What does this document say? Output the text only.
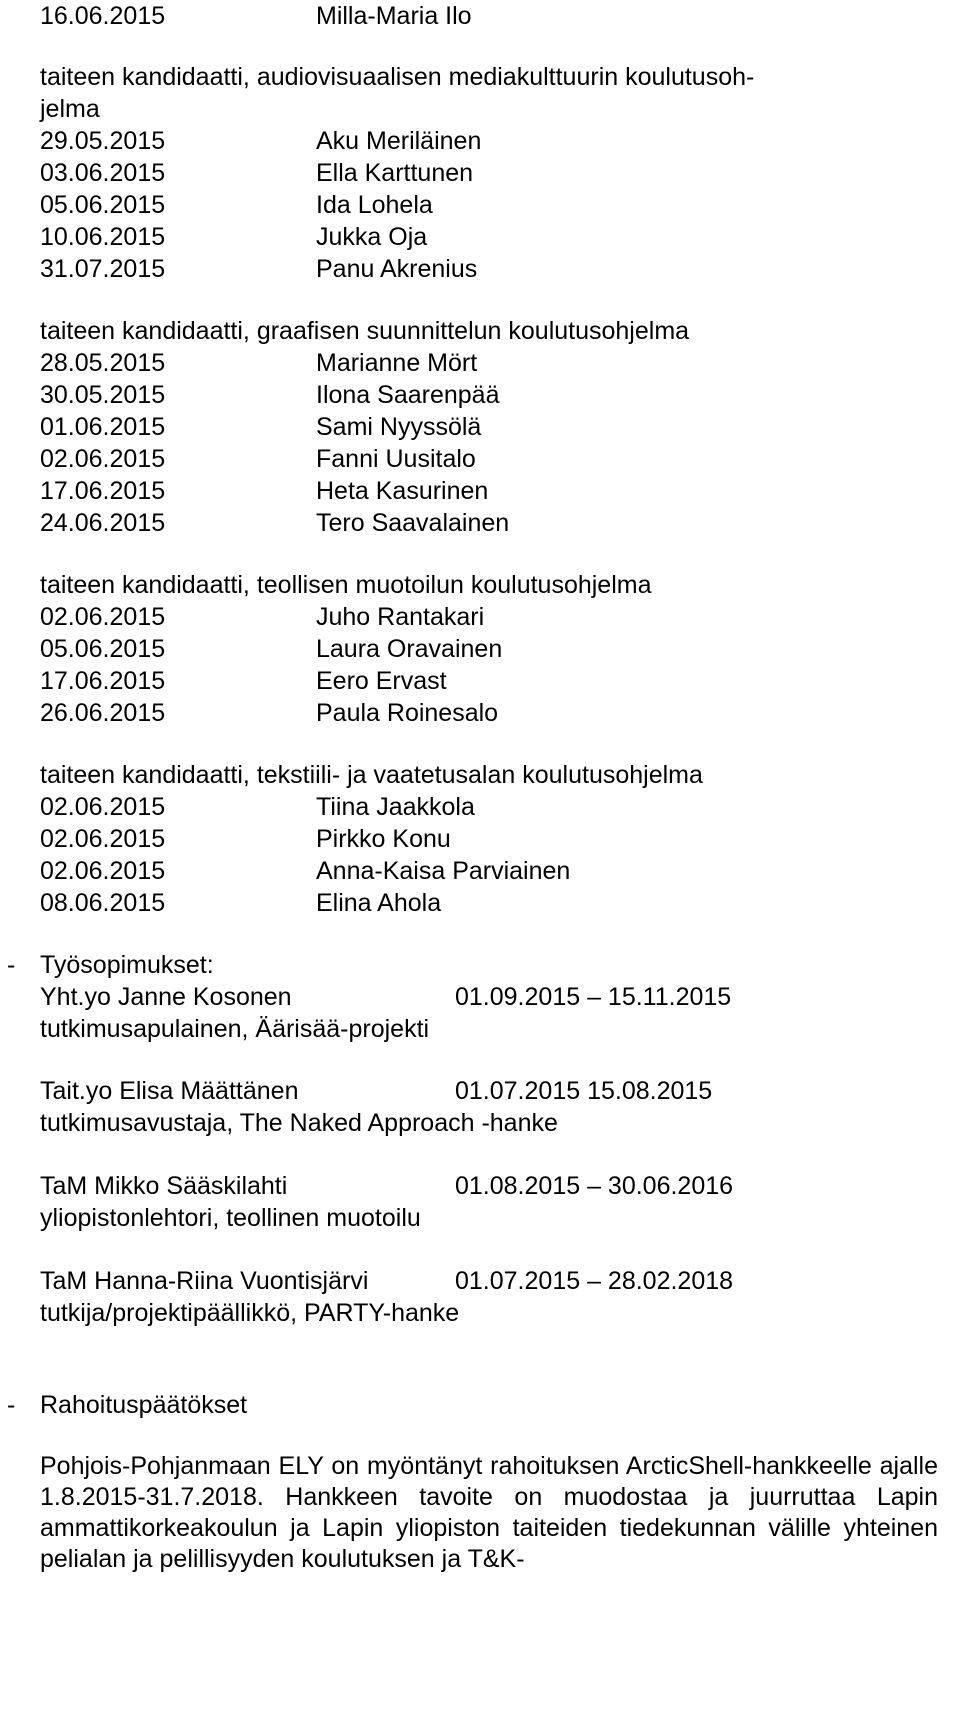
16.06.2015	Milla-Maria Ilo
taiteen kandidaatti, audiovisuaalisen mediakulttuurin koulutusoh-
jelma
29.05.2015	Aku Meriläinen
03.06.2015	Ella Karttunen
05.06.2015	Ida Lohela
10.06.2015	Jukka Oja
31.07.2015	Panu Akrenius
taiteen kandidaatti, graafisen suunnittelun koulutusohjelma
28.05.2015	Marianne Mört
30.05.2015	Ilona Saarenpää
01.06.2015	Sami Nyyssölä
02.06.2015	Fanni Uusitalo
17.06.2015	Heta Kasurinen
24.06.2015	Tero Saavalainen
taiteen kandidaatti, teollisen muotoilun koulutusohjelma
02.06.2015	Juho Rantakari
05.06.2015	Laura Oravainen
17.06.2015	Eero Ervast
26.06.2015	Paula Roinesalo
taiteen kandidaatti, tekstiili- ja vaatetusalan koulutusohjelma
02.06.2015	Tiina Jaakkola
02.06.2015	Pirkko Konu
02.06.2015	Anna-Kaisa Parviainen
08.06.2015	Elina Ahola
- Työsopimukset:
Yht.yo Janne Kosonen	01.09.2015 – 15.11.2015
tutkimusapulainen, Äärisää-projekti
Tait.yo Elisa Määttänen	01.07.2015 15.08.2015
tutkimusavustaja, The Naked Approach -hanke
TaM Mikko Sääskilahti	01.08.2015 – 30.06.2016
yliopistonlehtori, teollinen muotoilu
TaM Hanna-Riina Vuontisjärvi	01.07.2015 – 28.02.2018
tutkija/projektipäällikkö, PARTY-hanke
- Rahoituspäätökset
Pohjois-Pohjanmaan ELY on myöntänyt rahoituksen ArcticShell-hankkeelle ajalle 1.8.2015-31.7.2018. Hankkeen tavoite on muodostaa ja juurruttaa Lapin ammattikorkeakoulun ja Lapin yliopiston taiteiden tiedekunnan välille yhteinen pelialan ja pelillisyyden koulutuksen ja T&K-
